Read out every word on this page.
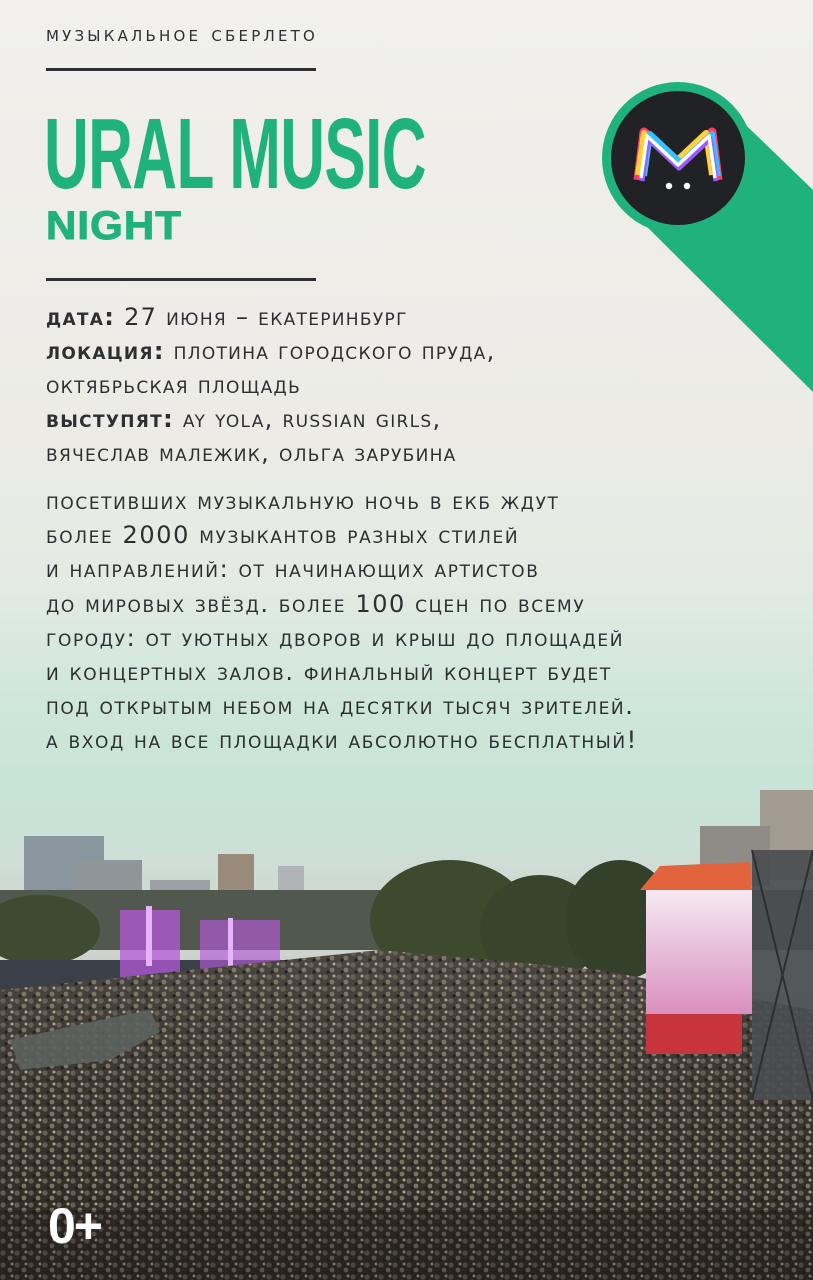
музыкальное сберлето
URAL MUSIC
NIGHT
дата: 27 июня – екатеринбург
локация: плотина городского пруда,
октябрьская площадь
выступят: ay yola, russian girls,
вячеслав малежик, ольга зарубина
посетивших музыкальную ночь в екб ждут
более 2000 музыкантов разных стилей
и направлений: от начинающих артистов
до мировых звёзд. более 100 сцен по всему
городу: от уютных дворов и крыш до площадей
и концертных залов. финальный концерт будет
под открытым небом на десятки тысяч зрителей.
а вход на все площадки абсолютно бесплатный!
0+
